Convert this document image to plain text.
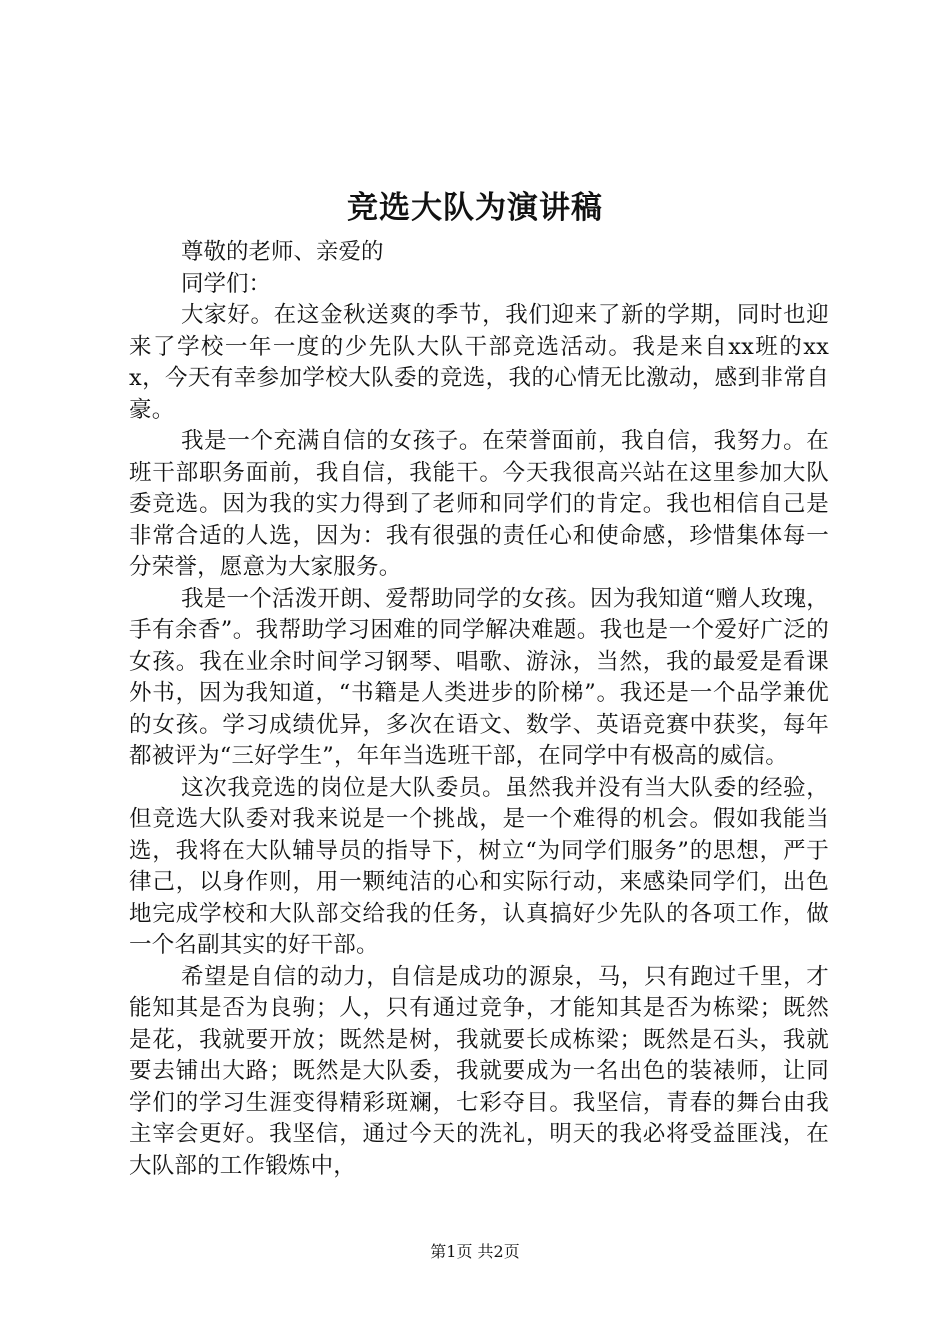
竞选大队为演讲稿

尊敬的老师、亲爱的

同学们：

大家好。在这金秋送爽的季节，我们迎来了新的学期，同时也迎来了学校一年一度的少先队大队干部竞选活动。我是来自xx班的xxx，今天有幸参加学校大队委的竞选，我的心情无比激动，感到非常自豪。

我是一个充满自信的女孩子。在荣誉面前，我自信，我努力。在班干部职务面前，我自信，我能干。今天我很高兴站在这里参加大队委竞选。因为我的实力得到了老师和同学们的肯定。我也相信自己是非常合适的人选，因为：我有很强的责任心和使命感，珍惜集体每一分荣誉，愿意为大家服务。

我是一个活泼开朗、爱帮助同学的女孩。因为我知道“赠人玫瑰，手有余香”。我帮助学习困难的同学解决难题。我也是一个爱好广泛的女孩。我在业余时间学习钢琴、唱歌、游泳，当然，我的最爱是看课外书，因为我知道，“书籍是人类进步的阶梯”。我还是一个品学兼优的女孩。学习成绩优异，多次在语文、数学、英语竞赛中获奖，每年都被评为“三好学生”，年年当选班干部，在同学中有极高的威信。

这次我竞选的岗位是大队委员。虽然我并没有当大队委的经验，但竞选大队委对我来说是一个挑战，是一个难得的机会。假如我能当选，我将在大队辅导员的指导下，树立“为同学们服务”的思想，严于律己，以身作则，用一颗纯洁的心和实际行动，来感染同学们，出色地完成学校和大队部交给我的任务，认真搞好少先队的各项工作，做一个名副其实的好干部。

希望是自信的动力，自信是成功的源泉，马，只有跑过千里，才能知其是否为良驹；人，只有通过竞争，才能知其是否为栋梁；既然是花，我就要开放；既然是树，我就要长成栋梁；既然是石头，我就要去铺出大路；既然是大队委，我就要成为一名出色的装裱师，让同学们的学习生涯变得精彩斑斓，七彩夺目。我坚信，青春的舞台由我主宰会更好。我坚信，通过今天的洗礼，明天的我必将受益匪浅，在大队部的工作锻炼中，

第1页 共2页
